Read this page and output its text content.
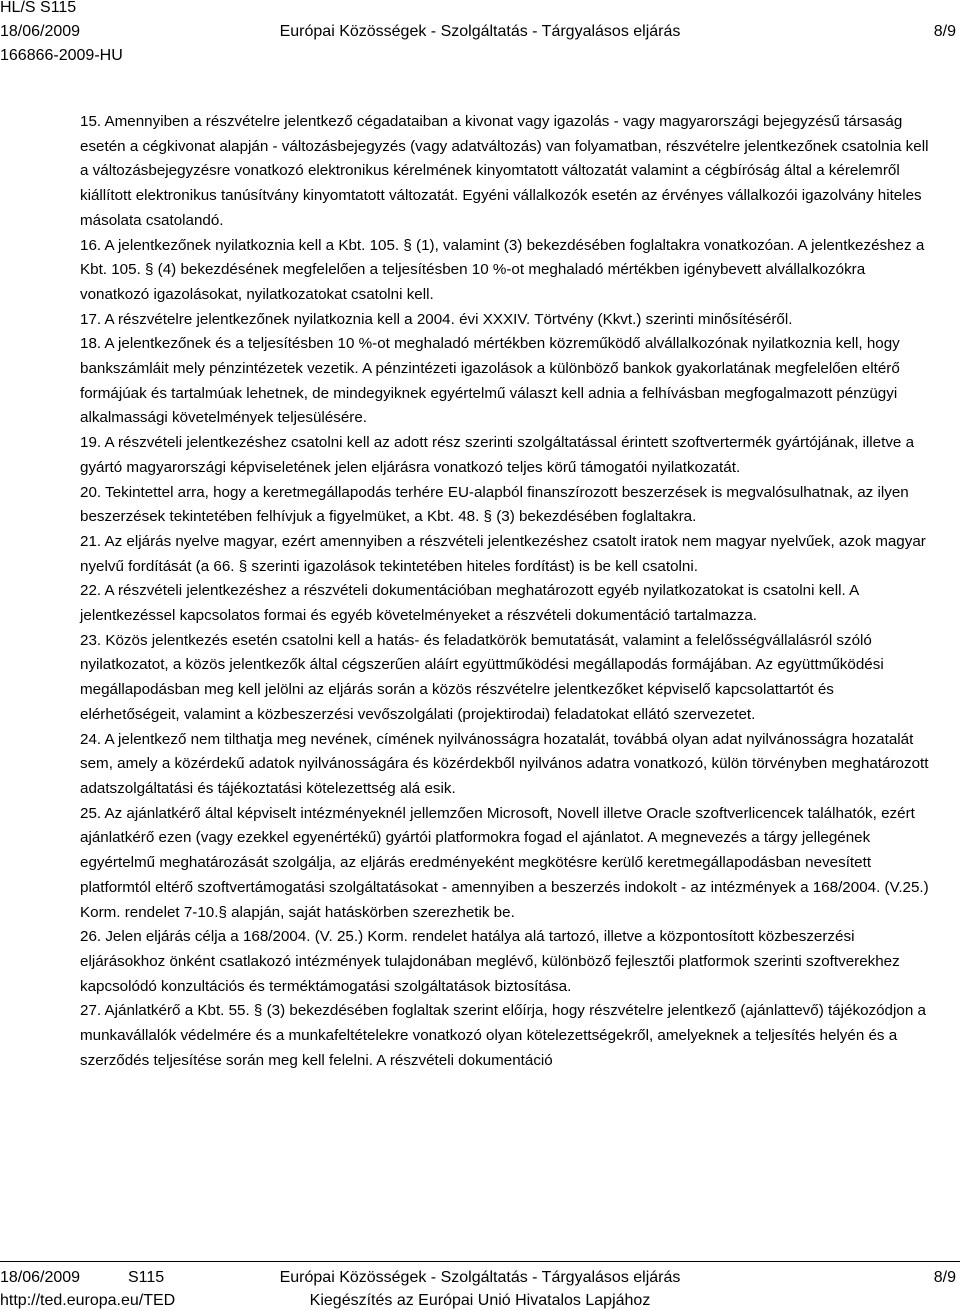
HL/S S115
18/06/2009
166866-2009-HU
Európai Közösségek - Szolgáltatás - Tárgyalásos eljárás	8/9

15. Amennyiben a részvételre jelentkező cégadataiban a kivonat vagy igazolás - vagy magyarországi bejegyzésű társaság esetén a cégkivonat alapján - változásbejegyzés (vagy adatváltozás) van folyamatban, részvételre jelentkezőnek csatolnia kell a változásbejegyzésre vonatkozó elektronikus kérelmének kinyomtatott változatát valamint a cégbíróság által a kérelemről kiállított elektronikus tanúsítvány kinyomtatott változatát. Egyéni vállalkozók esetén az érvényes vállalkozói igazolvány hiteles másolata csatolandó.

16. A jelentkezőnek nyilatkoznia kell a Kbt. 105. § (1), valamint (3) bekezdésében foglaltakra vonatkozóan. A jelentkezéshez a Kbt. 105. § (4) bekezdésének megfelelően a teljesítésben 10 %-ot meghaladó mértékben igénybevett alvállalkozókra vonatkozó igazolásokat, nyilatkozatokat csatolni kell.

17. A részvételre jelentkezőnek nyilatkoznia kell a 2004. évi XXXIV. Törtvény (Kkvt.) szerinti minősítéséről.

18. A jelentkezőnek és a teljesítésben 10 %-ot meghaladó mértékben közreműködő alvállalkozónak nyilatkoznia kell, hogy bankszámláit mely pénzintézetek vezetik. A pénzintézeti igazolások a különböző bankok gyakorlatának megfelelően eltérő formájúak és tartalmúak lehetnek, de mindegyiknek egyértelmű választ kell adnia a felhívásban megfogalmazott pénzügyi alkalmassági követelmények teljesülésére.

19. A részvételi jelentkezéshez csatolni kell az adott rész szerinti szolgáltatással érintett szoftvertermék gyártójának, illetve a gyártó magyarországi képviseletének jelen eljárásra vonatkozó teljes körű támogatói nyilatkozatát.

20. Tekintettel arra, hogy a keretmegállapodás terhére EU-alapból finanszírozott beszerzések is megvalósulhatnak, az ilyen beszerzések tekintetében felhívjuk a figyelmüket, a Kbt. 48. § (3) bekezdésében foglaltakra.

21. Az eljárás nyelve magyar, ezért amennyiben a részvételi jelentkezéshez csatolt iratok nem magyar nyelvűek, azok magyar nyelvű fordítását (a 66. § szerinti igazolások tekintetében hiteles fordítást) is be kell csatolni.

22. A részvételi jelentkezéshez a részvételi dokumentációban meghatározott egyéb nyilatkozatokat is csatolni kell. A jelentkezéssel kapcsolatos formai és egyéb követelményeket a részvételi dokumentáció tartalmazza.

23. Közös jelentkezés esetén csatolni kell a hatás- és feladatkörök bemutatását, valamint a felelősségvállalásról szóló nyilatkozatot, a közös jelentkezők által cégszerűen aláírt együttműködési megállapodás formájában. Az együttműködési megállapodásban meg kell jelölni az eljárás során a közös részvételre jelentkezőket képviselő kapcsolattartót és elérhetőségeit, valamint a közbeszerzési vevőszolgálati (projektirodai) feladatokat ellátó szervezetet.

24. A jelentkező nem tilthatja meg nevének, címének nyilvánosságra hozatalát, továbbá olyan adat nyilvánosságra hozatalát sem, amely a közérdekű adatok nyilvánosságára és közérdekből nyilvános adatra vonatkozó, külön törvényben meghatározott adatszolgáltatási és tájékoztatási kötelezettség alá esik.

25. Az ajánlatkérő által képviselt intézményeknél jellemzően Microsoft, Novell illetve Oracle szoftverlicencek találhatók, ezért ajánlatkérő ezen (vagy ezekkel egyenértékű) gyártói platformokra fogad el ajánlatot. A megnevezés a tárgy jellegének egyértelmű meghatározását szolgálja, az eljárás eredményeként megkötésre kerülő keretmegállapodásban nevesített platformtól eltérő szoftvertámogatási szolgáltatásokat - amennyiben a beszerzés indokolt - az intézmények a 168/2004. (V.25.) Korm. rendelet 7-10.§ alapján, saját hatáskörben szerezhetik be.

26. Jelen eljárás célja a 168/2004. (V. 25.) Korm. rendelet hatálya alá tartozó, illetve a központosított közbeszerzési eljárásokhoz önként csatlakozó intézmények tulajdonában meglévő, különböző fejlesztői platformok szerinti szoftverekhez kapcsolódó konzultációs és terméktámogatási szolgáltatások biztosítása.

27. Ajánlatkérő a Kbt. 55. § (3) bekezdésében foglaltak szerint előírja, hogy részvételre jelentkező (ajánlattevő) tájékozódjon a munkavállalók védelmére és a munkafeltételekre vonatkozó olyan kötelezettségekről, amelyeknek a teljesítés helyén és a szerződés teljesítése során meg kell felelni. A részvételi dokumentáció

18/06/2009	S115
http://ted.europa.eu/TED
Európai Közösségek - Szolgáltatás - Tárgyalásos eljárás
Kiegészítés az Európai Unió Hivatalos Lapjához
8/9
